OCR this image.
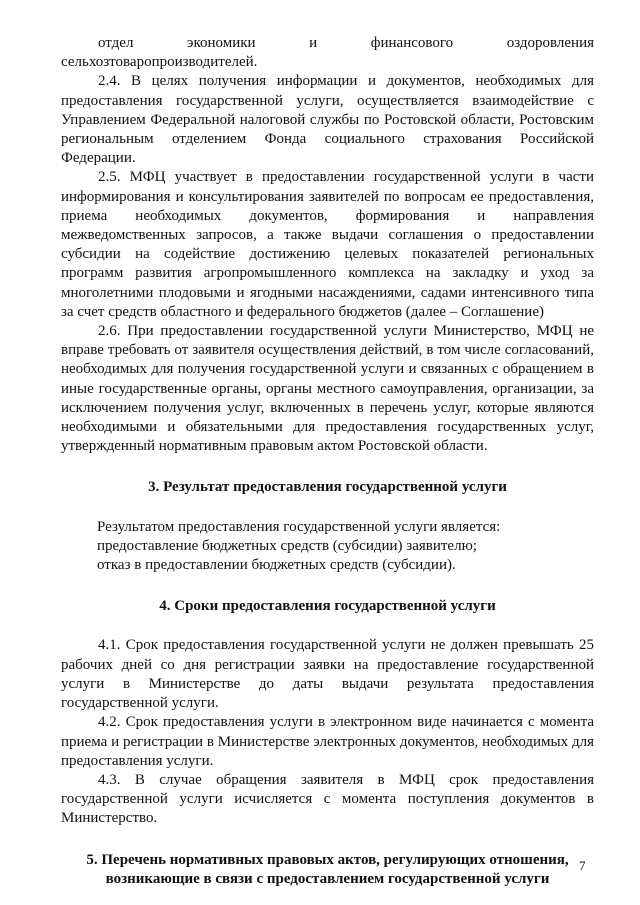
отдел экономики и финансового оздоровления сельхозтоваропроизводителей.

2.4. В целях получения информации и документов, необходимых для предоставления государственной услуги, осуществляется взаимодействие с Управлением Федеральной налоговой службы по Ростовской области, Ростовским региональным отделением Фонда социального страхования Российской Федерации.

2.5. МФЦ участвует в предоставлении государственной услуги в части информирования и консультирования заявителей по вопросам ее предоставления, приема необходимых документов, формирования и направления межведомственных запросов, а также выдачи соглашения о предоставлении субсидии на содействие достижению целевых показателей региональных программ развития агропромышленного комплекса на закладку и уход за многолетними плодовыми и ягодными насаждениями, садами интенсивного типа за счет средств областного и федерального бюджетов (далее – Соглашение)

2.6. При предоставлении государственной услуги Министерство, МФЦ не вправе требовать от заявителя осуществления действий, в том числе согласований, необходимых для получения государственной услуги и связанных с обращением в иные государственные органы, органы местного самоуправления, организации, за исключением получения услуг, включенных в перечень услуг, которые являются необходимыми и обязательными для предоставления государственных услуг, утвержденный нормативным правовым актом Ростовской области.

3. Результат предоставления государственной услуги

Результатом предоставления государственной услуги является:

предоставление бюджетных средств (субсидии) заявителю;

отказ в предоставлении бюджетных средств (субсидии).

4. Сроки предоставления государственной услуги

4.1. Срок предоставления государственной услуги не должен превышать 25 рабочих дней со дня регистрации заявки на предоставление государственной услуги в Министерстве до даты выдачи результата предоставления государственной услуги.

4.2. Срок предоставления услуги в электронном виде начинается с момента приема и регистрации в Министерстве электронных документов, необходимых для предоставления услуги.

4.3. В случае обращения заявителя в МФЦ срок предоставления государственной услуги исчисляется с момента поступления документов в Министерство.

5. Перечень нормативных правовых актов, регулирующих отношения, возникающие в связи с предоставлением государственной услуги
7
